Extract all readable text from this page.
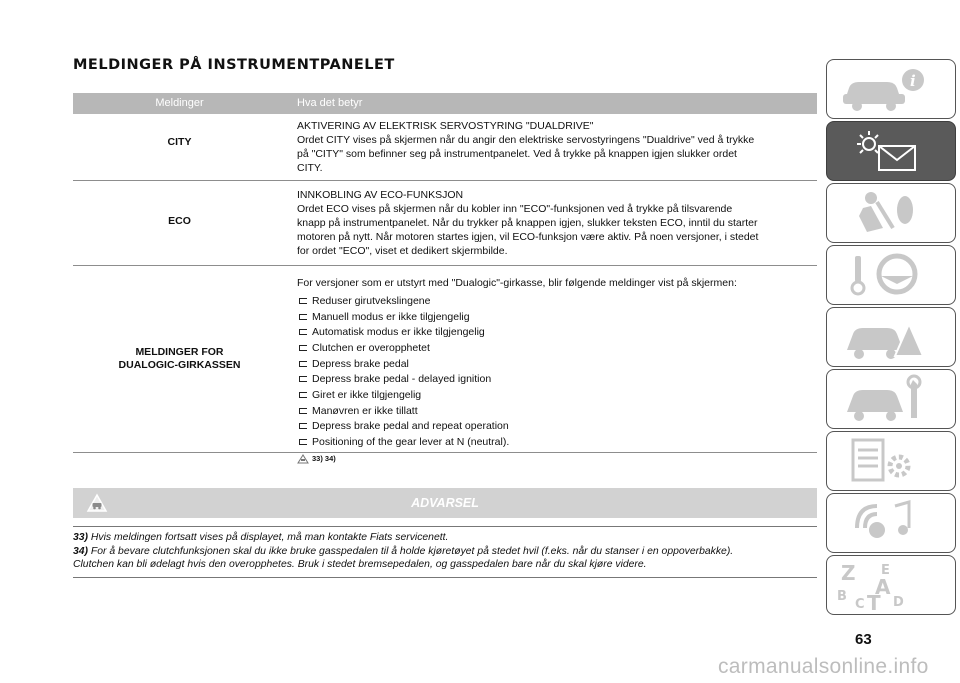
MELDINGER PÅ INSTRUMENTPANELET
Meldinger	Hva det betyr
CITY

AKTIVERING AV ELEKTRISK SERVOSTYRING "DUALDRIVE"

Ordet CITY vises på skjermen når du angir den elektriske servostyringens "Dualdrive" ved å trykke

på "CITY" som befinner seg på instrumentpanelet. Ved å trykke på knappen igjen slukker ordet

CITY.

ECO

INNKOBLING AV ECO-FUNKSJON

Ordet ECO vises på skjermen når du kobler inn "ECO"-funksjonen ved å trykke på tilsvarende

knapp på instrumentpanelet. Når du trykker på knappen igjen, slukker teksten ECO, inntil du starter

motoren på nytt. Når motoren startes igjen, vil ECO-funksjon være aktiv. På noen versjoner, i stedet

for ordet "ECO", viset et dedikert skjermbilde.

MELDINGER FOR
DUALOGIC-GIRKASSEN

For versjoner som er utstyrt med "Dualogic"-girkasse, blir følgende meldinger vist på skjermen:

Reduser girutvekslingene
Manuell modus er ikke tilgjengelig
Automatisk modus er ikke tilgjengelig
Clutchen er overopphetet
Depress brake pedal
Depress brake pedal - delayed ignition
Giret er ikke tilgjengelig
Manøvren er ikke tillatt
Depress brake pedal and repeat operation
Positioning of the gear lever at N (neutral).
33) 34)
ADVARSEL
33) Hvis meldingen fortsatt vises på displayet, må man kontakte Fiats servicenett.
34) For å bevare clutchfunksjonen skal du ikke bruke gasspedalen til å holde kjøretøyet på stedet hvil (f.eks. når du stanser i en oppoverbakke).
Clutchen kan bli ødelagt hvis den overopphetes. Bruk i stedet bremsepedalen, og gasspedalen bare når du skal kjøre videre.
i
Z E
B A
C T D
63
carmanualsonline.info
